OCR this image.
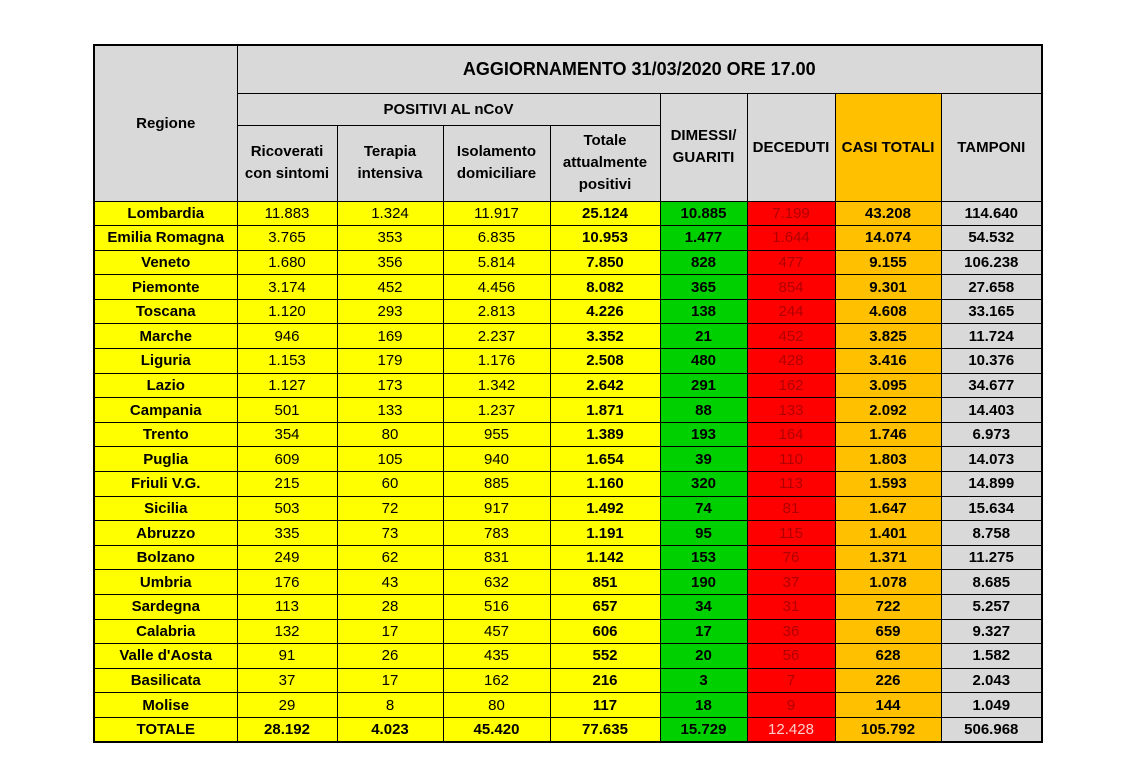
Regione	AGGIORNAMENTO 31/03/2020 ORE 17.00							
	POSITIVI AL nCoV				DIMESSI/ GUARITI	DECEDUTI	CASI TOTALI	TAMPONI
	Ricoverati con sintomi	Terapia intensiva	Isolamento domiciliare	Totale attualmente positivi				
Lombardia	11.883	1.324	11.917	25.124	10.885	7.199	43.208	114.640
Emilia Romagna	3.765	353	6.835	10.953	1.477	1.644	14.074	54.532
Veneto	1.680	356	5.814	7.850	828	477	9.155	106.238
Piemonte	3.174	452	4.456	8.082	365	854	9.301	27.658
Toscana	1.120	293	2.813	4.226	138	244	4.608	33.165
Marche	946	169	2.237	3.352	21	452	3.825	11.724
Liguria	1.153	179	1.176	2.508	480	428	3.416	10.376
Lazio	1.127	173	1.342	2.642	291	162	3.095	34.677
Campania	501	133	1.237	1.871	88	133	2.092	14.403
Trento	354	80	955	1.389	193	164	1.746	6.973
Puglia	609	105	940	1.654	39	110	1.803	14.073
Friuli V.G.	215	60	885	1.160	320	113	1.593	14.899
Sicilia	503	72	917	1.492	74	81	1.647	15.634
Abruzzo	335	73	783	1.191	95	115	1.401	8.758
Bolzano	249	62	831	1.142	153	76	1.371	11.275
Umbria	176	43	632	851	190	37	1.078	8.685
Sardegna	113	28	516	657	34	31	722	5.257
Calabria	132	17	457	606	17	36	659	9.327
Valle d'Aosta	91	26	435	552	20	56	628	1.582
Basilicata	37	17	162	216	3	7	226	2.043
Molise	29	8	80	117	18	9	144	1.049
TOTALE	28.192	4.023	45.420	77.635	15.729	12.428	105.792	506.968
